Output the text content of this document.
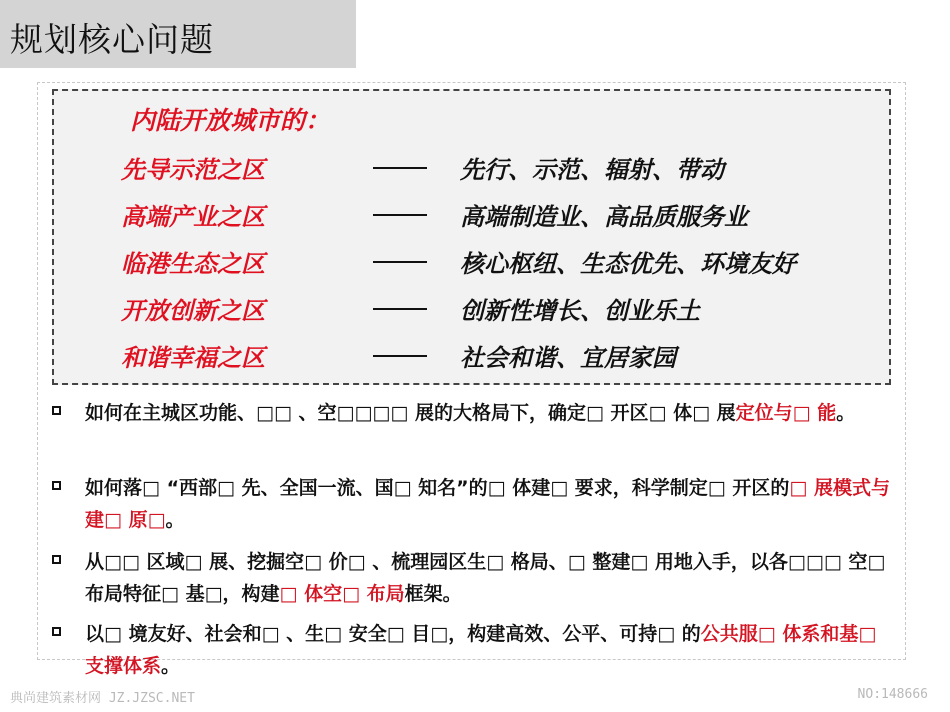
规划核心问题
内陆开放城市的：
先导示范之区	先行、示范、辐射、带动
高端产业之区	高端制造业、高品质服务业
临港生态之区	核心枢纽、生态优先、环境友好
开放创新之区	创新性增长、创业乐土
和谐幸福之区	社会和谐、宜居家园
如何在主城区功能、□□ 、空□□□□ 展的大格局下，确定□ 开区□ 体□ 展定位与□ 能。
如何落□ “西部□ 先、全国一流、国□ 知名”的□ 体建□ 要求，科学制定□ 开区的□ 展模式与建□ 原□。
从□□ 区域□ 展、挖掘空□ 价□ 、梳理园区生□ 格局、□ 整建□ 用地入手，以各□□□ 空□ 布局特征□ 基□，构建□ 体空□ 布局框架。
以□ 境友好、社会和□ 、生□ 安全□ 目□，构建高效、公平、可持□ 的公共服□ 体系和基□ 支撑体系。
典尚建筑素材网 JZ.JZSC.NET	NO:148666
